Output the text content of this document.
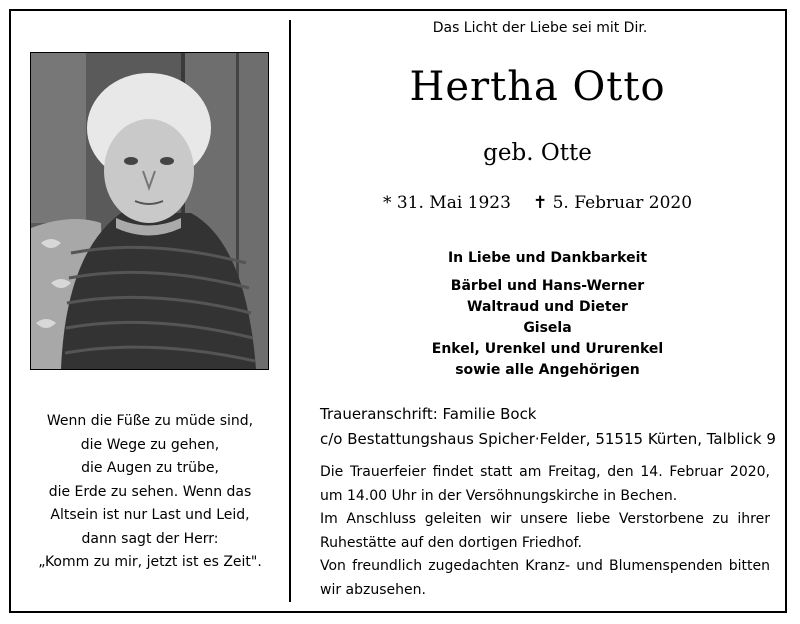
Wenn die Füße zu müde sind,
die Wege zu gehen,
die Augen zu trübe,
die Erde zu sehen. Wenn das
Altsein ist nur Last und Leid,
dann sagt der Herr:
„Komm zu mir, jetzt ist es Zeit".
Das Licht der Liebe sei mit Dir.
Hertha Otto
geb. Otte
* 31. Mai 1923 ✝ 5. Februar 2020
In Liebe und Dankbarkeit
Bärbel und Hans-Werner
Waltraud und Dieter
Gisela
Enkel, Urenkel und Ururenkel
sowie alle Angehörigen
Traueranschrift: Familie Bock
c/o Bestattungshaus Spicher·Felder, 51515 Kürten, Talblick 9

Die Trauerfeier findet statt am Freitag, den 14. Februar 2020, um 14.00 Uhr in der Versöhnungskirche in Bechen.

Im Anschluss geleiten wir unsere liebe Verstorbene zu ihrer Ruhestätte auf den dortigen Friedhof.

Von freundlich zugedachten Kranz- und Blumenspenden bitten wir abzusehen.
